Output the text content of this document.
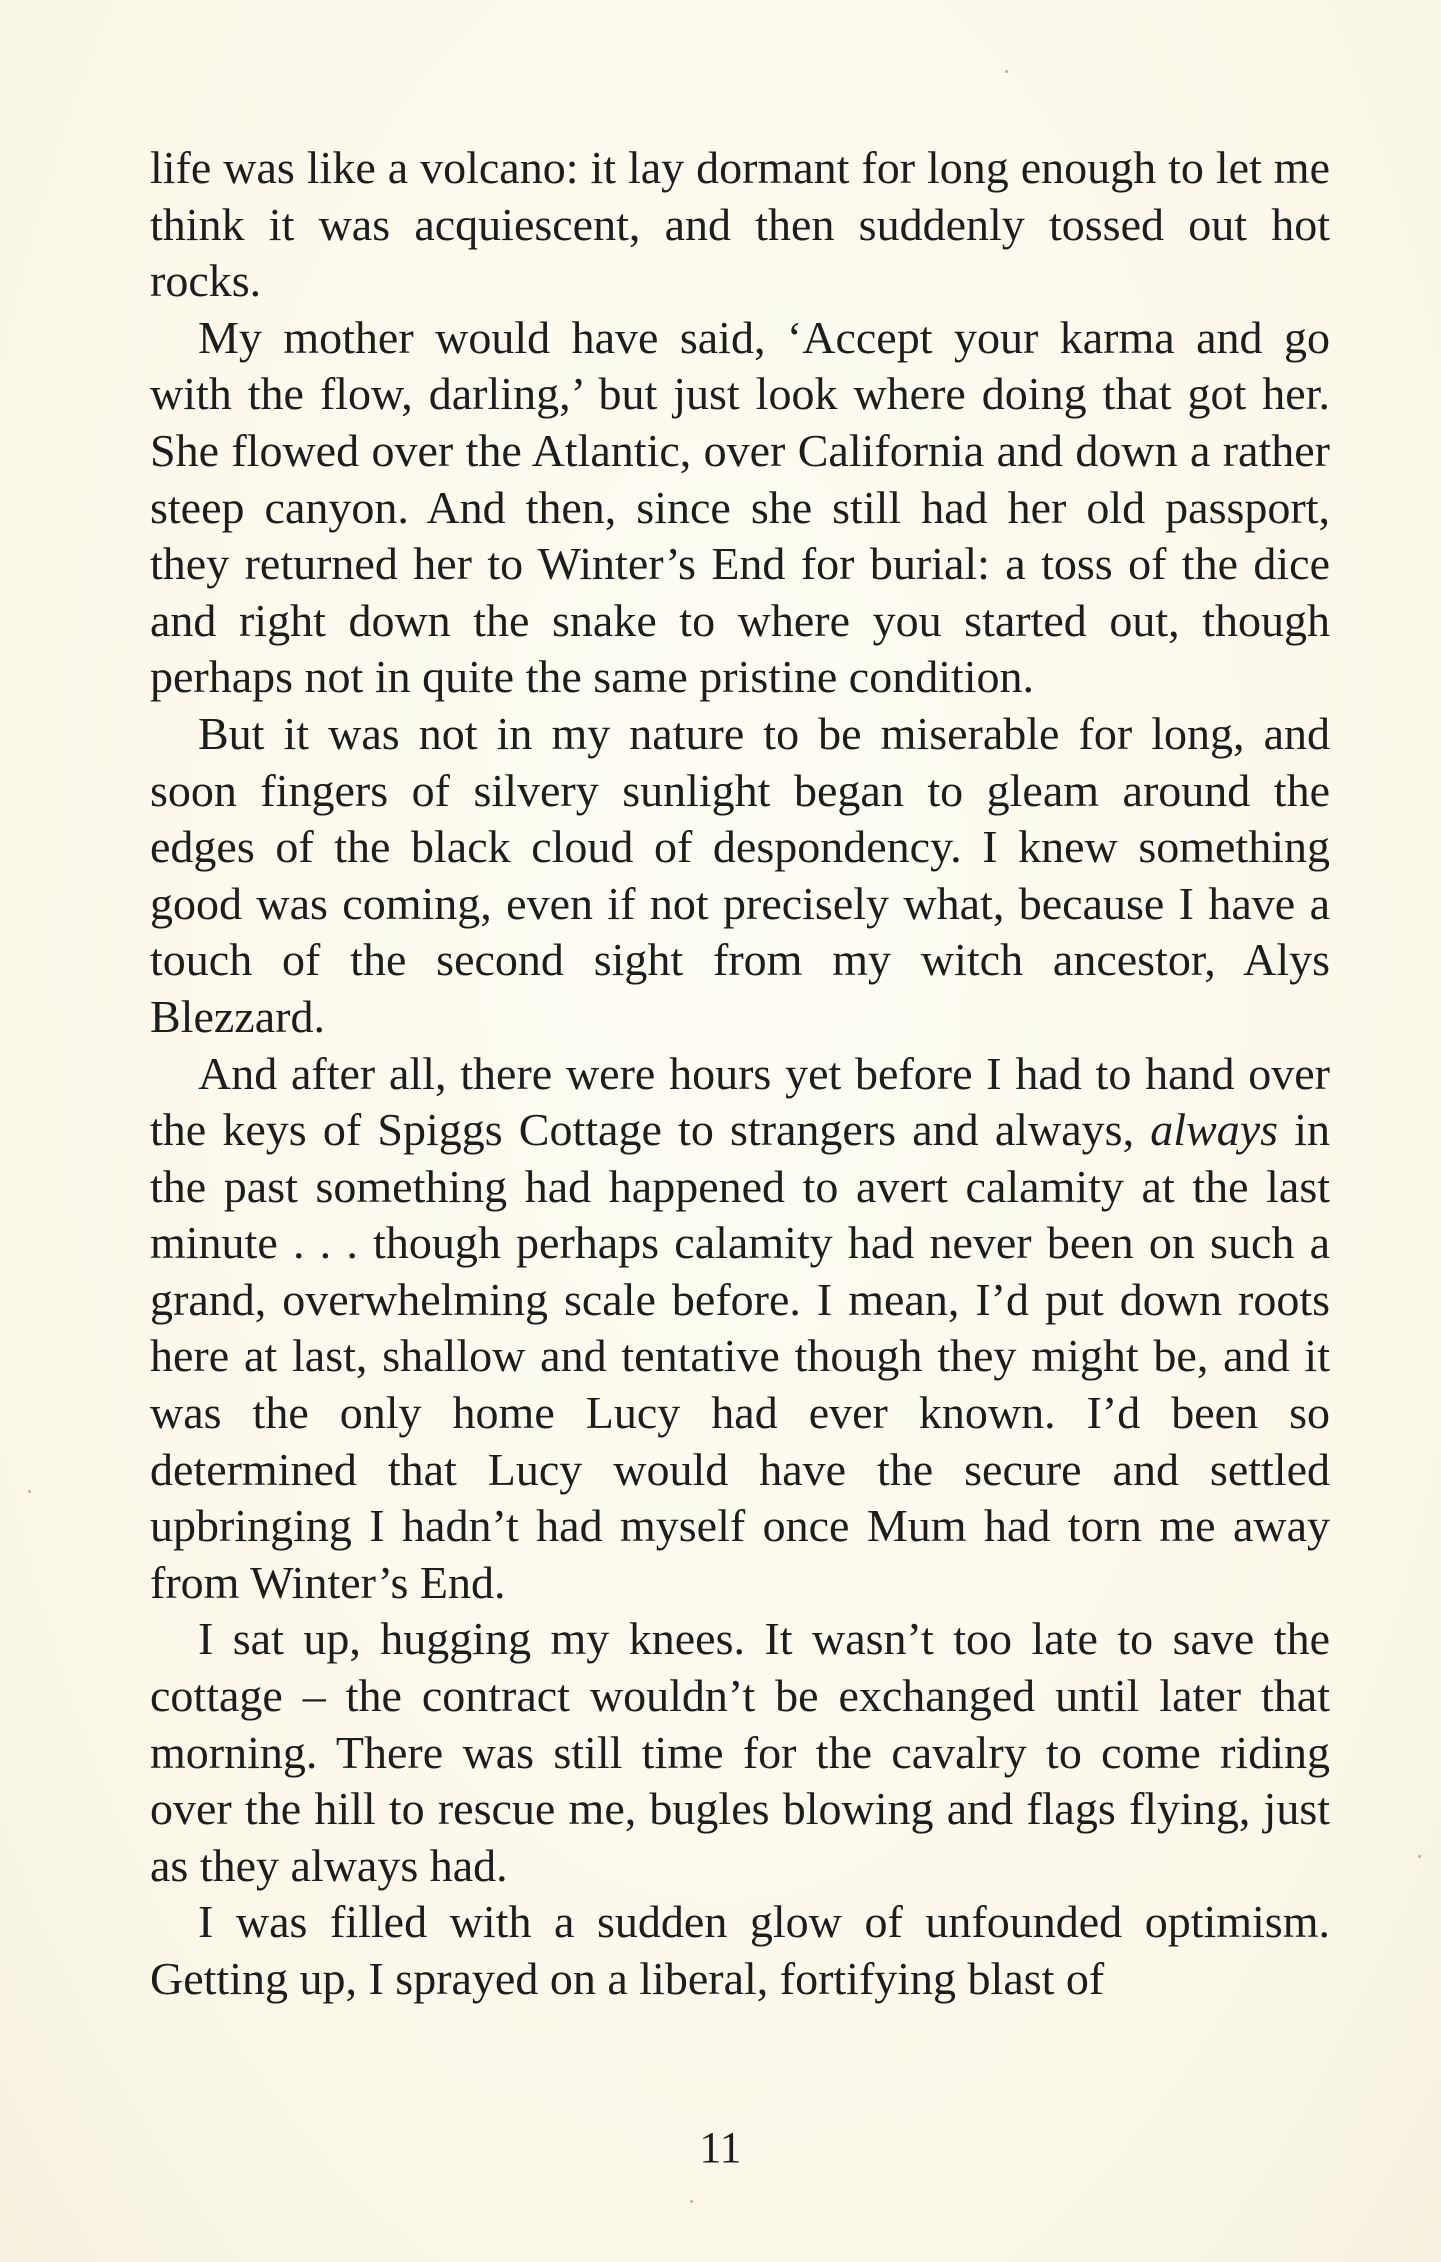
life was like a volcano: it lay dormant for long enough to let me think it was acquiescent, and then suddenly tossed out hot rocks.

My mother would have said, ‘Accept your karma and go with the flow, darling,’ but just look where doing that got her. She flowed over the Atlantic, over California and down a rather steep canyon. And then, since she still had her old passport, they returned her to Winter’s End for burial: a toss of the dice and right down the snake to where you started out, though perhaps not in quite the same pristine condition.

But it was not in my nature to be miserable for long, and soon fingers of silvery sunlight began to gleam around the edges of the black cloud of despondency. I knew something good was coming, even if not precisely what, because I have a touch of the second sight from my witch ancestor, Alys Blezzard.

And after all, there were hours yet before I had to hand over the keys of Spiggs Cottage to strangers and always, always in the past something had happened to avert calamity at the last minute . . . though perhaps calamity had never been on such a grand, overwhelming scale before. I mean, I’d put down roots here at last, shallow and tentative though they might be, and it was the only home Lucy had ever known. I’d been so determined that Lucy would have the secure and settled upbringing I hadn’t had myself once Mum had torn me away from Winter’s End.

I sat up, hugging my knees. It wasn’t too late to save the cottage – the contract wouldn’t be exchanged until later that morning. There was still time for the cavalry to come riding over the hill to rescue me, bugles blowing and flags flying, just as they always had.

I was filled with a sudden glow of unfounded optimism. Getting up, I sprayed on a liberal, fortifying blast of

11
